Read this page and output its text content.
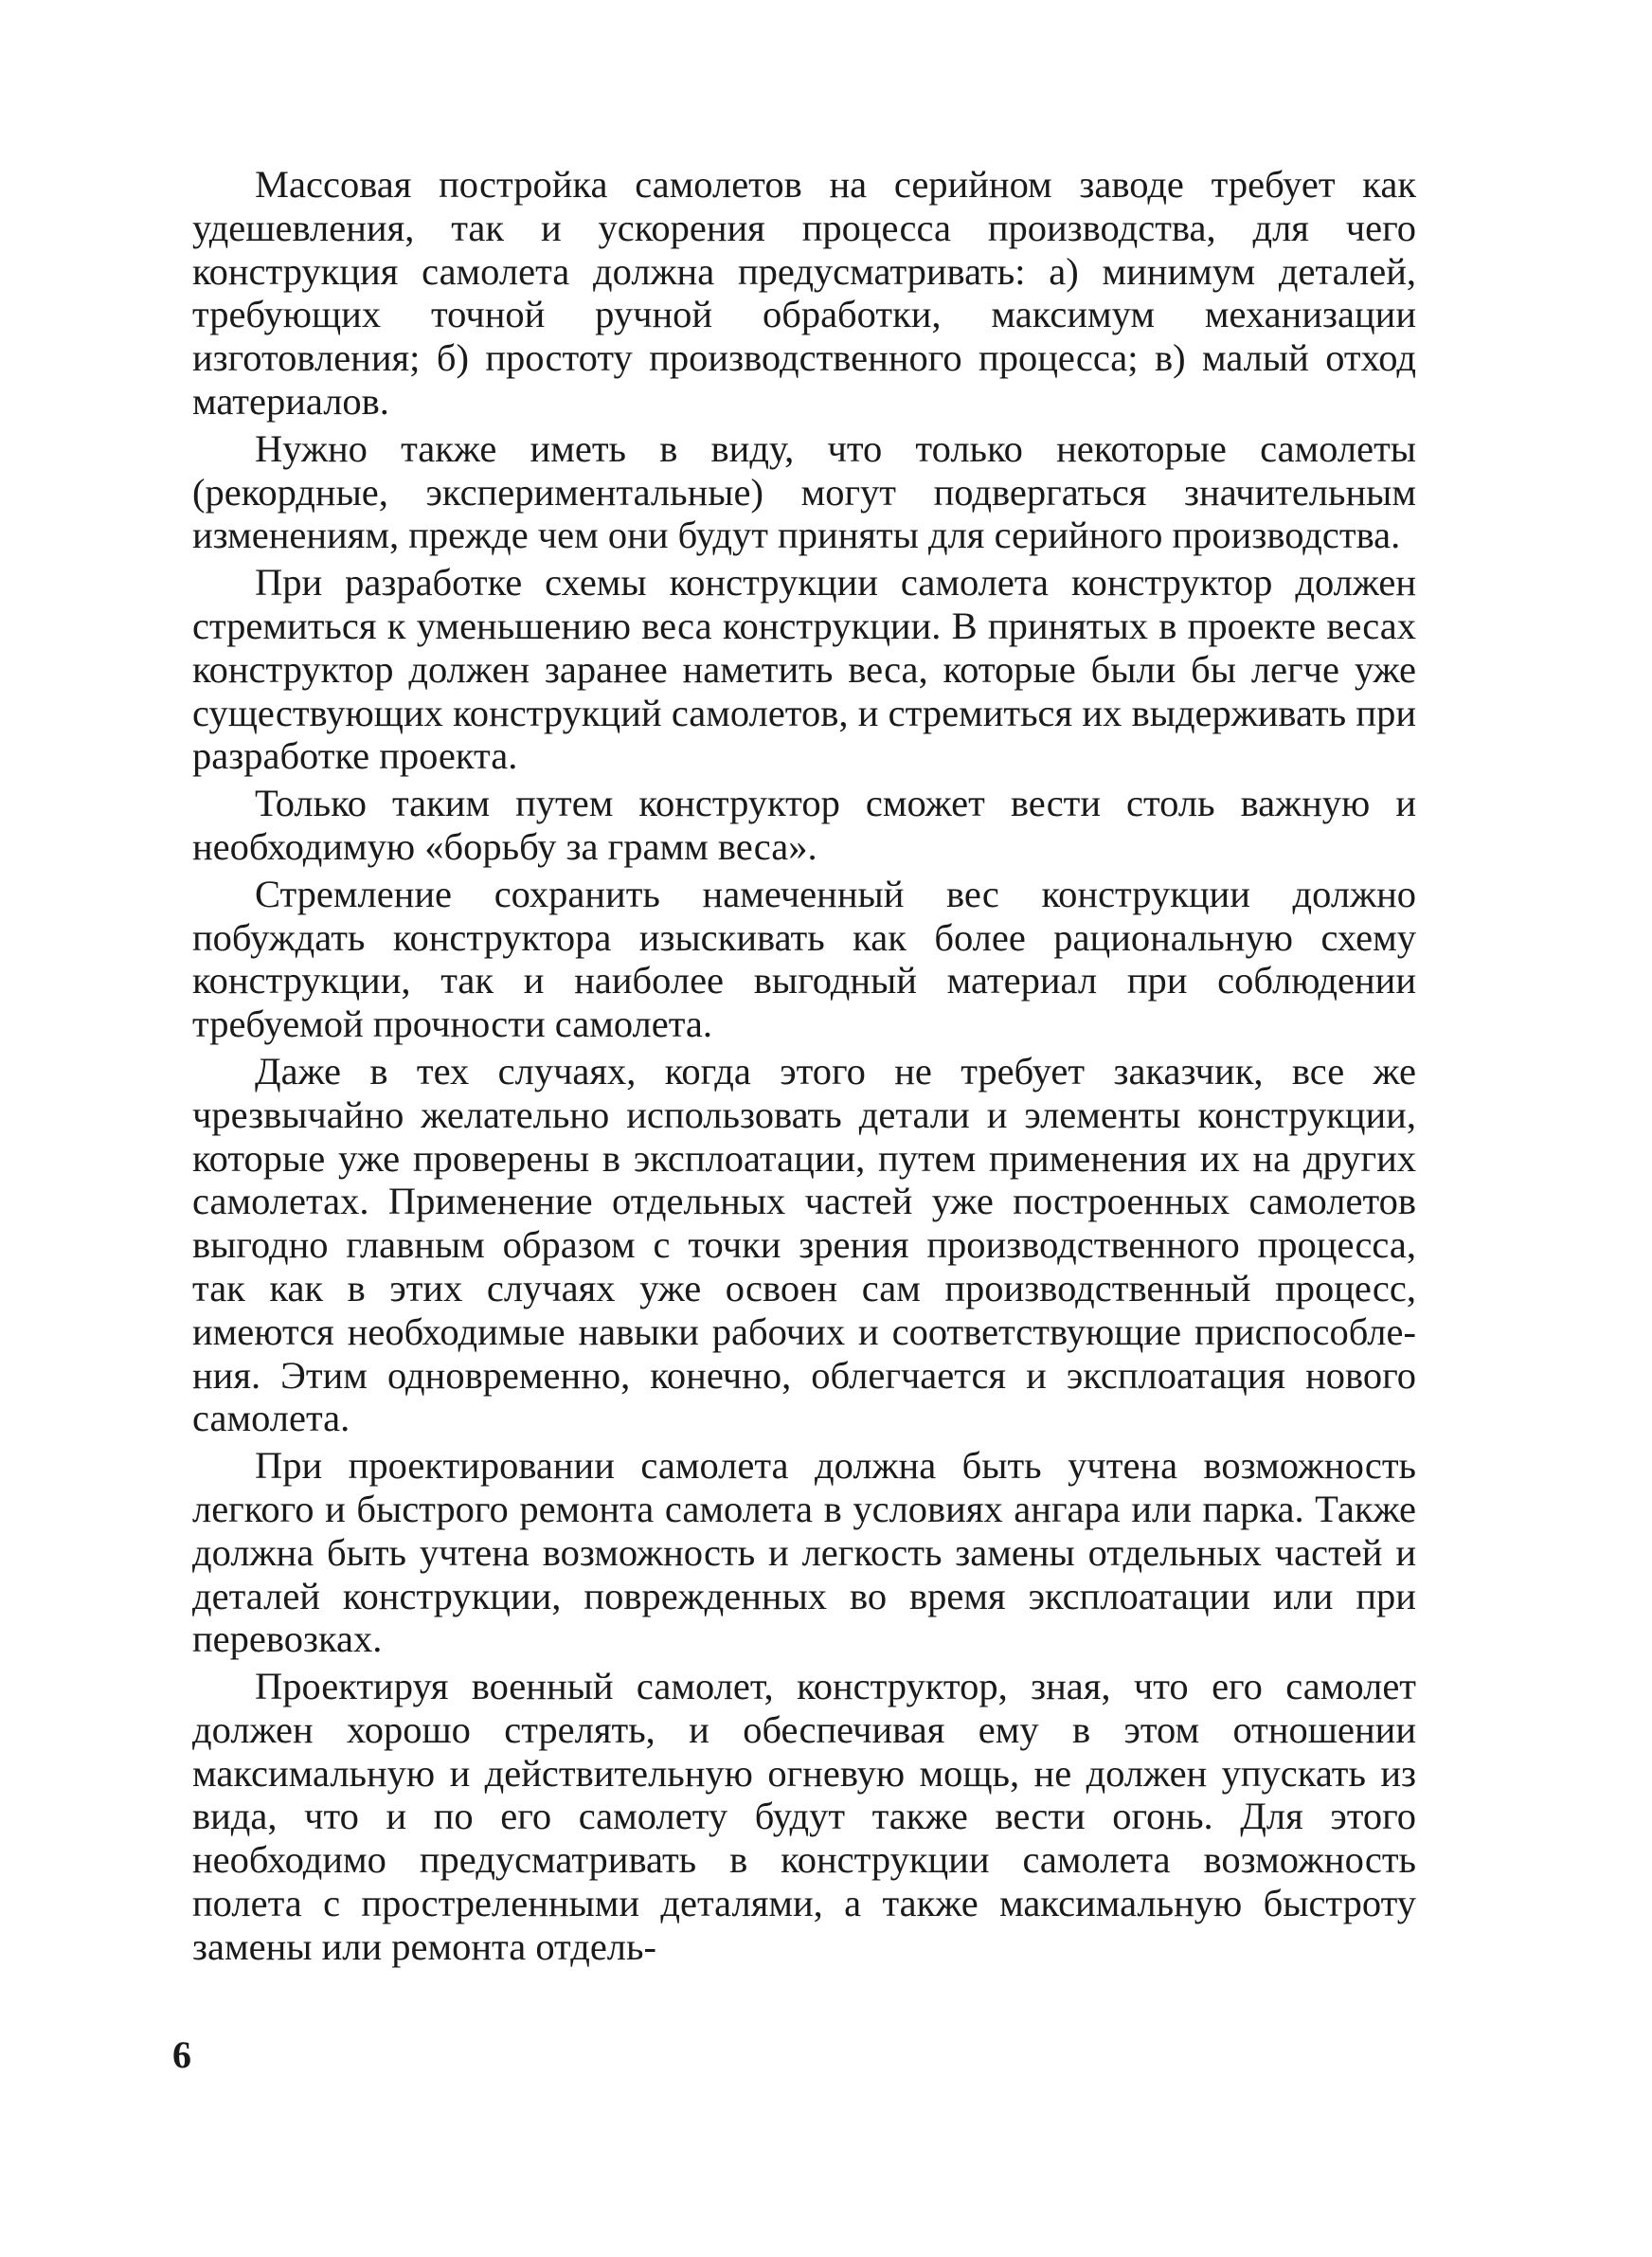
Массовая постройка самолетов на серийном заводе требует как удешевления, так и ускорения процесса производства, для чего конструкция самолета должна предусматривать: а) минимум деталей, требующих точной ручной обработки, максимум механизации изготовления; б) простоту производственного процесса; в) малый отход материалов.

Нужно также иметь в виду, что только некоторые самолеты (рекордные, экспериментальные) могут подвергаться значительным изменениям, прежде чем они будут приняты для серийного производства.

При разработке схемы конструкции самолета конструктор должен стремиться к уменьшению веса конструкции. В принятых в проекте весах конструктор должен заранее наметить веса, которые были бы легче уже существующих конструкций самолетов, и стремиться их выдерживать при разработке проекта.

Только таким путем конструктор сможет вести столь важную и необходимую «борьбу за грамм веса».

Стремление сохранить намеченный вес конструкции должно побуждать конструктора изыскивать как более рациональную схему конструкции, так и наиболее выгодный материал при соблюдении требуемой прочности самолета.

Даже в тех случаях, когда этого не требует заказчик, все же чрезвычайно желательно использовать детали и элементы конструкции, которые уже проверены в эксплоатации, путем применения их на других самолетах. Применение отдельных частей уже построенных самолетов выгодно главным образом с точки зрения производственного процесса, так как в этих случаях уже освоен сам производственный процесс, имеются необходимые навыки рабочих и соответствующие приспособления. Этим одновременно, конечно, облегчается и эксплоатация нового самолета.

При проектировании самолета должна быть учтена возможность легкого и быстрого ремонта самолета в условиях ангара или парка. Также должна быть учтена возможность и легкость замены отдельных частей и деталей конструкции, поврежденных во время эксплоатации или при перевозках.

Проектируя военный самолет, конструктор, зная, что его самолет должен хорошо стрелять, и обеспечивая ему в этом отношении максимальную и действительную огневую мощь, не должен упускать из вида, что и по его самолету будут также вести огонь. Для этого необходимо предусматривать в конструкции самолета возможность полета с простреленными деталями, а также максимальную быстроту замены или ремонта отдель-

6
